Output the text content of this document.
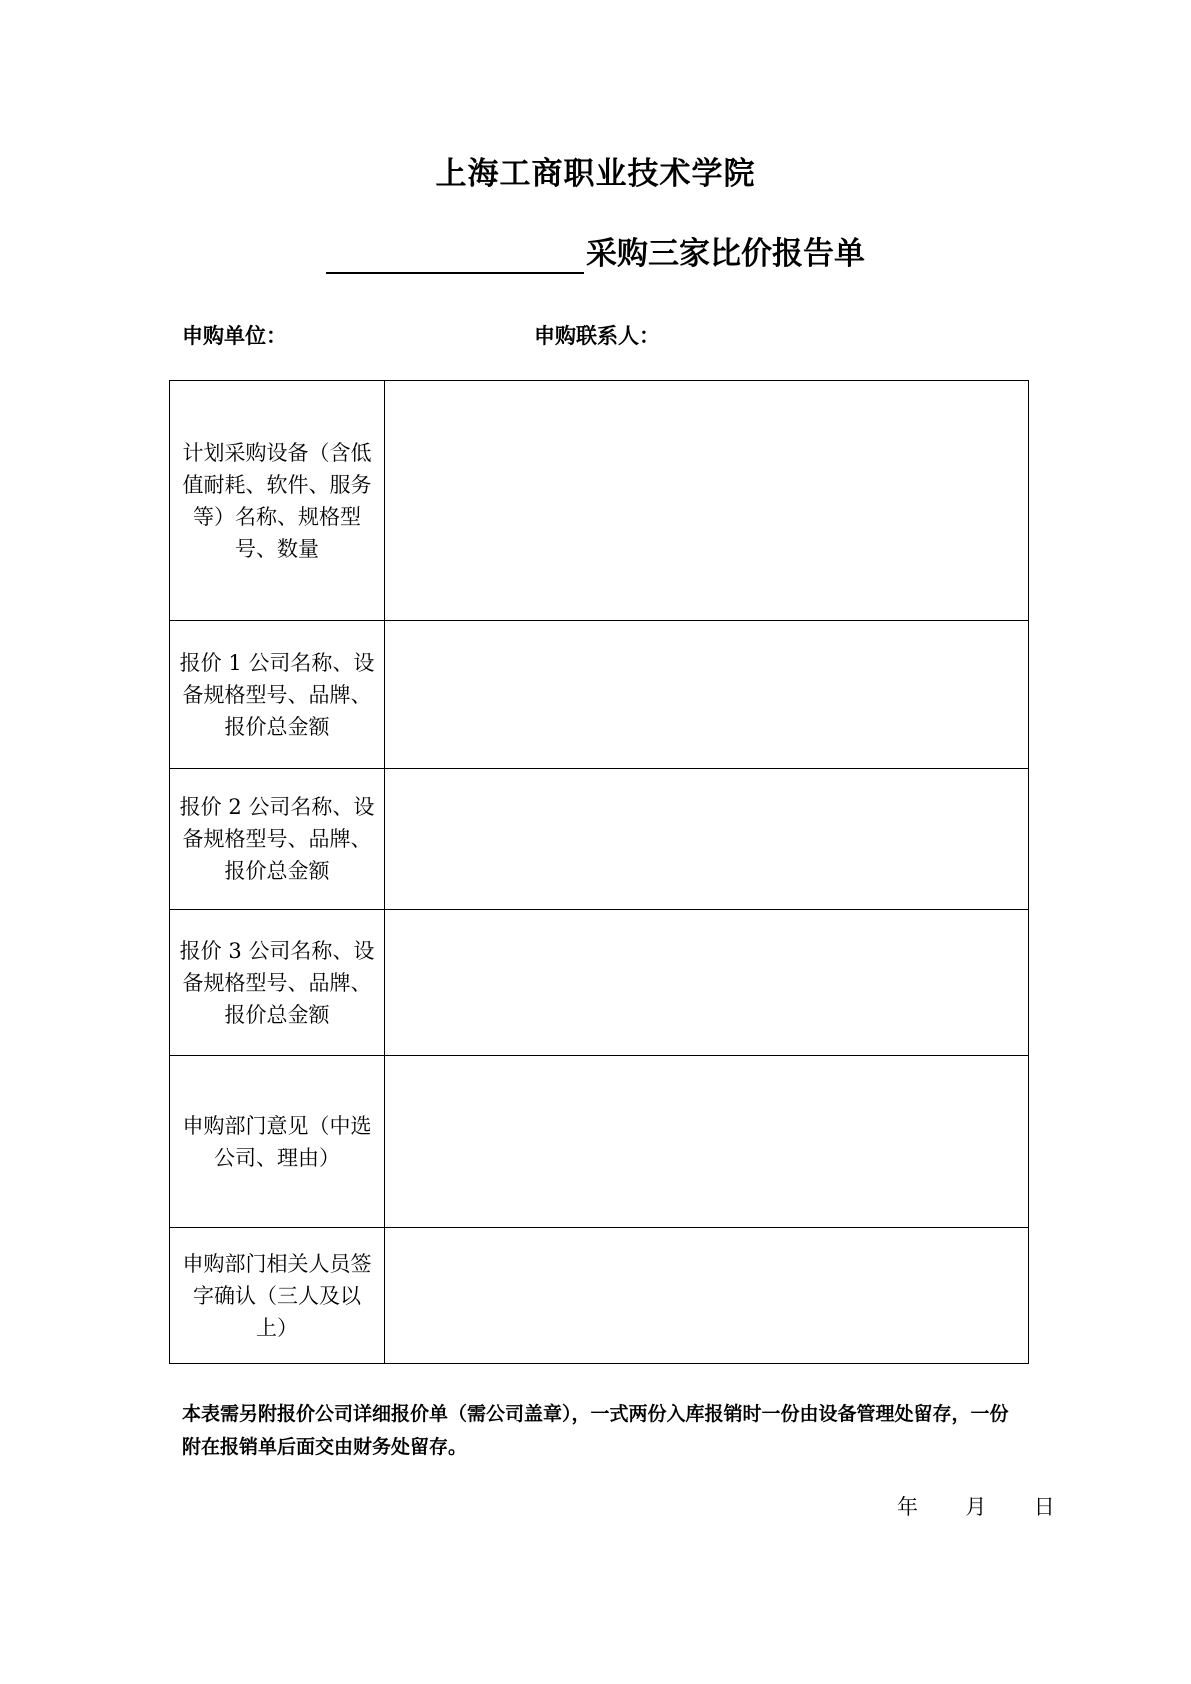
上海工商职业技术学院
采购三家比价报告单
申购单位：	申购联系人：
计划采购设备（含低值耐耗、软件、服务等）名称、规格型号、数量	

报价 1 公司名称、设备规格型号、品牌、报价总金额	

报价 2 公司名称、设备规格型号、品牌、报价总金额	

报价 3 公司名称、设备规格型号、品牌、报价总金额	

申购部门意见（中选公司、理由）	

申购部门相关人员签字确认（三人及以上）	

本表需另附报价公司详细报价单（需公司盖章），一式两份入库报销时一份由设备管理处留存，一份附在报销单后面交由财务处留存。
年 月 日
